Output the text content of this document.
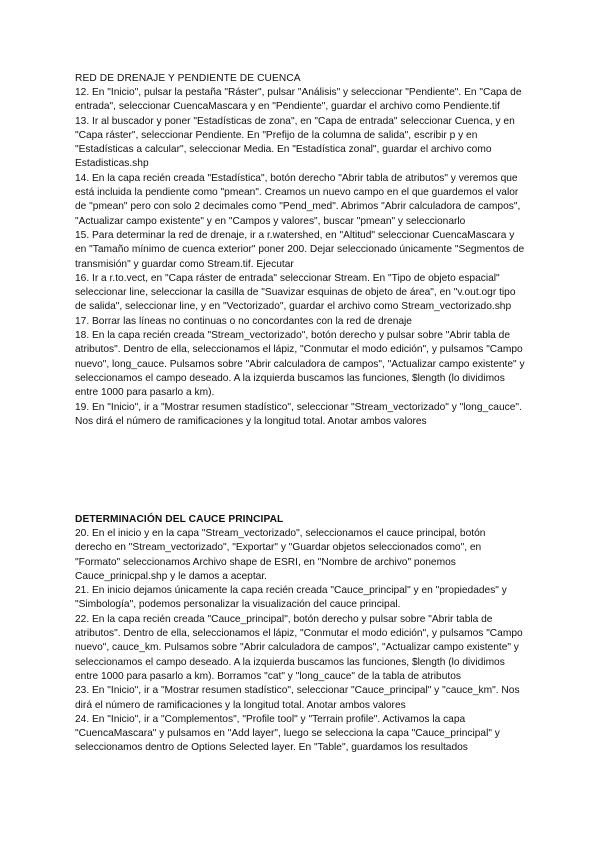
RED DE DRENAJE Y PENDIENTE DE CUENCA

12. En "Inicio", pulsar la pestaña "Ráster", pulsar "Análisis" y seleccionar "Pendiente". En "Capa de entrada", seleccionar CuencaMascara y en "Pendiente", guardar el archivo como Pendiente.tif

13. Ir al buscador y poner "Estadísticas de zona", en "Capa de entrada" seleccionar Cuenca, y en "Capa ráster", seleccionar Pendiente. En "Prefijo de la columna de salida", escribir p y en "Estadísticas a calcular", seleccionar Media. En "Estadística zonal", guardar el archivo como Estadisticas.shp

14. En la capa recién creada "Estadística", botón derecho "Abrir tabla de atributos" y veremos que está incluida la pendiente como "pmean". Creamos un nuevo campo en el que guardemos el valor de "pmean" pero con solo 2 decimales como "Pend_med". Abrimos "Abrir calculadora de campos", "Actualizar campo existente" y en "Campos y valores", buscar "pmean" y seleccionarlo

15. Para determinar la red de drenaje, ir a r.watershed, en "Altitud" seleccionar CuencaMascara y en "Tamaño mínimo de cuenca exterior" poner 200. Dejar seleccionado únicamente "Segmentos de transmisión" y guardar como Stream.tif. Ejecutar

16. Ir a r.to.vect, en "Capa ráster de entrada" seleccionar Stream. En "Tipo de objeto espacial" seleccionar line, seleccionar la casilla de "Suavizar esquinas de objeto de área", en "v.out.ogr tipo de salida", seleccionar line, y en "Vectorizado", guardar el archivo como Stream_vectorizado.shp

17. Borrar las líneas no continuas o no concordantes con la red de drenaje

18. En la capa recién creada "Stream_vectorizado", botón derecho y pulsar sobre "Abrir tabla de atributos". Dentro de ella, seleccionamos el lápiz, "Conmutar el modo edición", y pulsamos "Campo nuevo", long_cauce. Pulsamos sobre "Abrir calculadora de campos", "Actualizar campo existente" y seleccionamos el campo deseado. A la izquierda buscamos las funciones, $length (lo dividimos entre 1000 para pasarlo a km).

19. En "Inicio", ir a "Mostrar resumen stadístico", seleccionar "Stream_vectorizado" y "long_cauce". Nos dirá el número de ramificaciones y la longitud total. Anotar ambos valores

DETERMINACIÓN DEL CAUCE PRINCIPAL

20. En el inicio y en la capa "Stream_vectorizado", seleccionamos el cauce principal, botón derecho en "Stream_vectorizado", "Exportar" y "Guardar objetos seleccionados como", en "Formato" seleccionamos Archivo shape de ESRI, en "Nombre de archivo" ponemos Cauce_prinicpal.shp y le damos a aceptar.

21. En inicio dejamos únicamente la capa recién creada "Cauce_principal" y en "propiedades" y "Simbología", podemos personalizar la visualización del cauce principal.

22. En la capa recién creada "Cauce_principal", botón derecho y pulsar sobre "Abrir tabla de atributos". Dentro de ella, seleccionamos el lápiz, "Conmutar el modo edición", y pulsamos "Campo nuevo", cauce_km. Pulsamos sobre "Abrir calculadora de campos", "Actualizar campo existente" y seleccionamos el campo deseado. A la izquierda buscamos las funciones, $length (lo dividimos entre 1000 para pasarlo a km). Borramos "cat" y "long_cauce" de la tabla de atributos

23. En "Inicio", ir a "Mostrar resumen stadístico", seleccionar "Cauce_principal" y "cauce_km". Nos dirá el número de ramificaciones y la longitud total. Anotar ambos valores

24. En "Inicio", ir a "Complementos", "Profile tool" y "Terrain profile". Activamos la capa "CuencaMascara" y pulsamos en "Add layer", luego se selecciona la capa "Cauce_principal" y seleccionamos dentro de Options Selected layer. En "Table", guardamos los resultados
